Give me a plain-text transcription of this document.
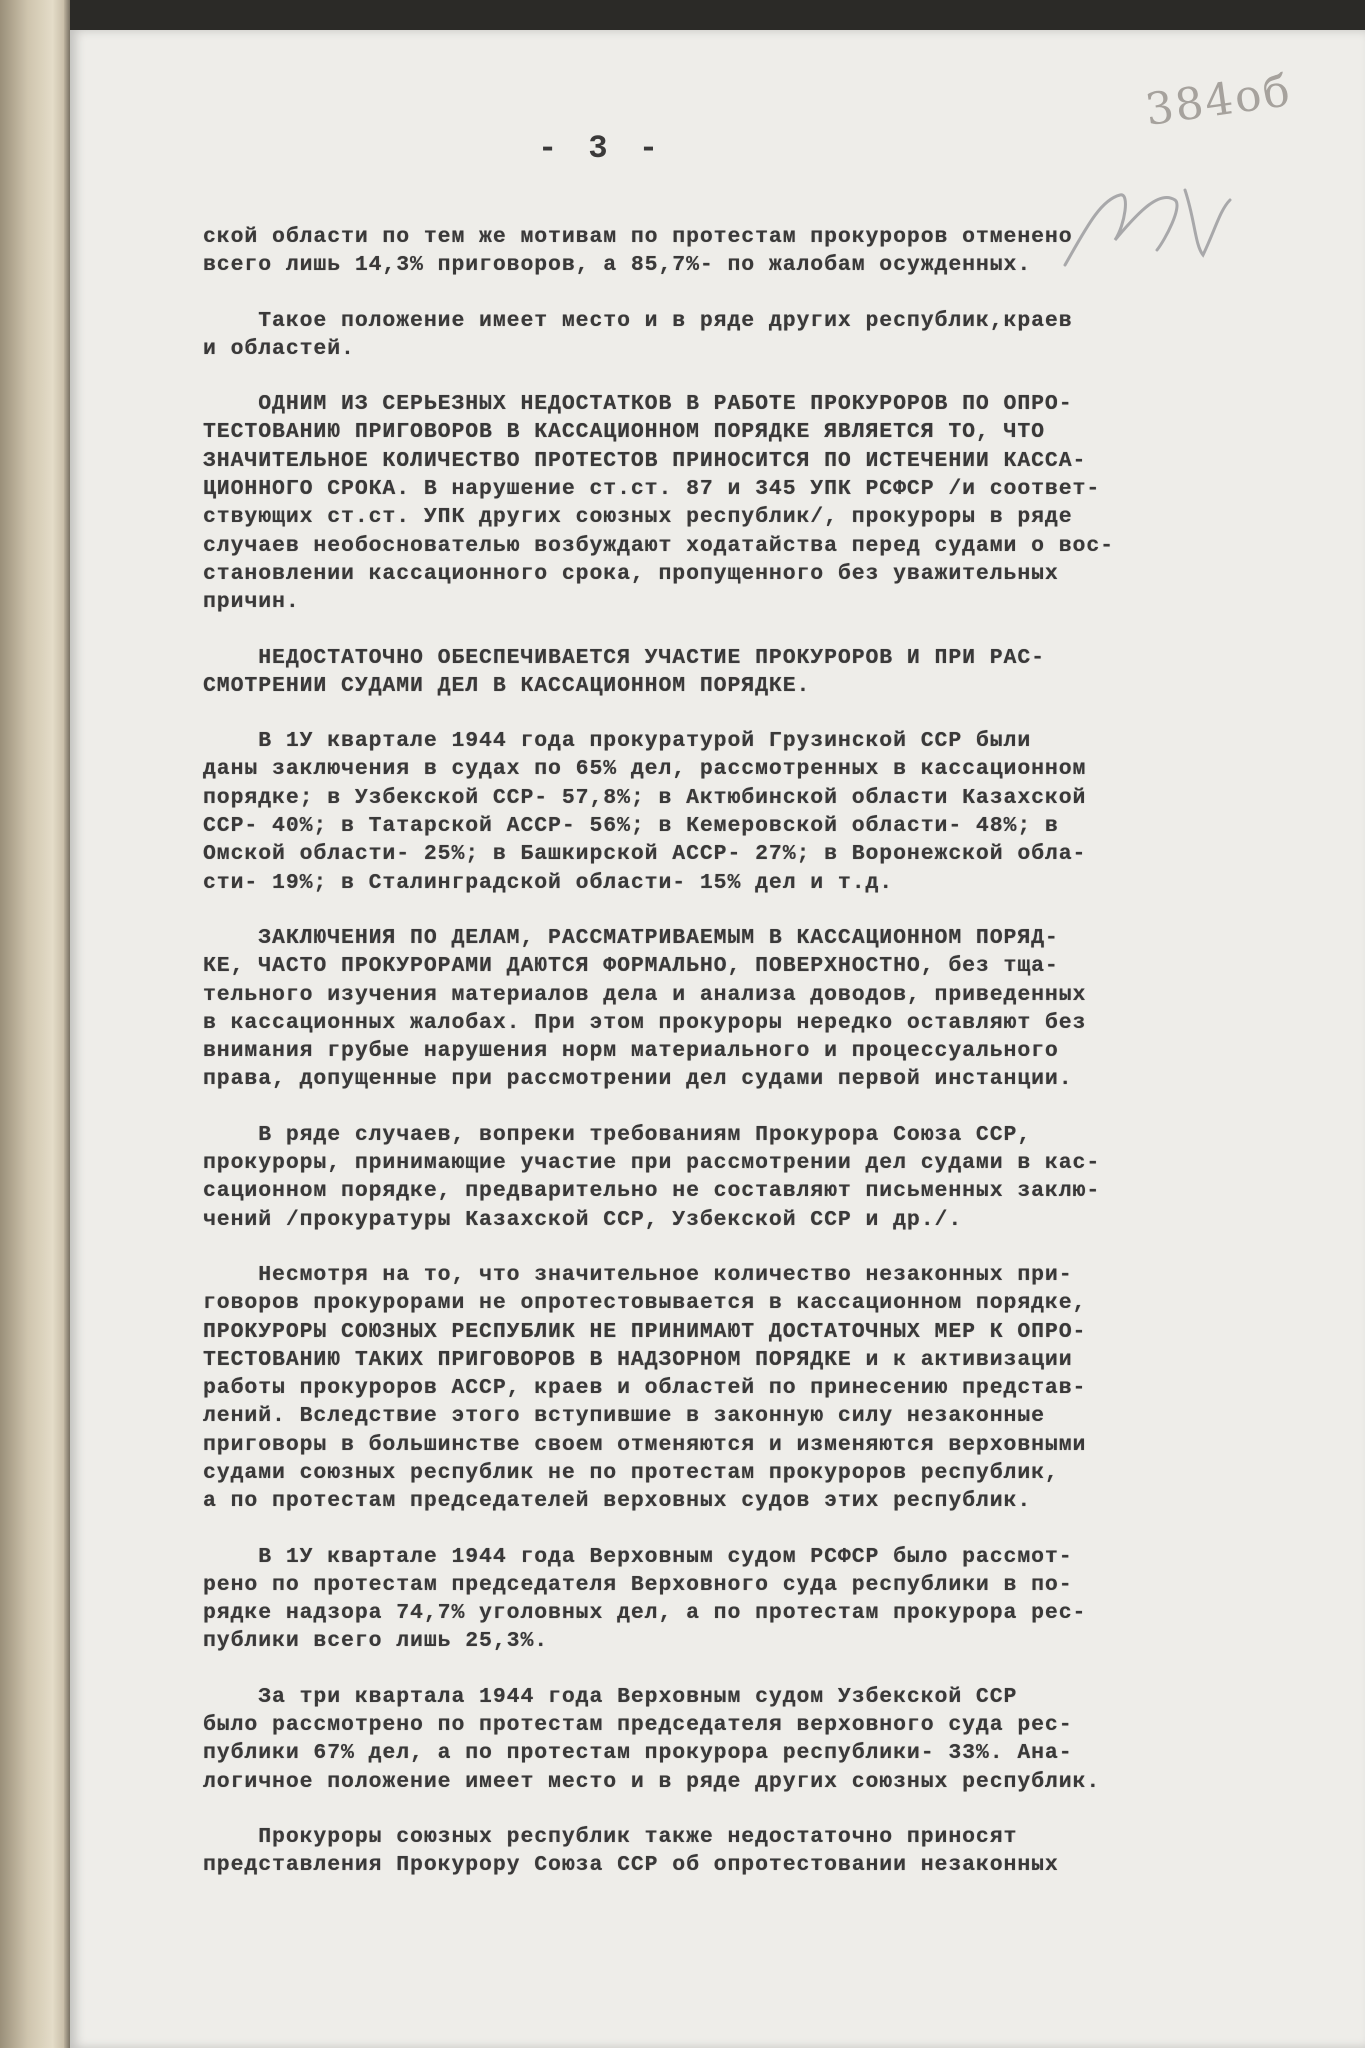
384об
- 3 -
ской области по тем же мотивам по протестам прокуроров отменено
всего лишь 14,3% приговоров, а 85,7%- по жалобам осужденных.
Такое положение имеет место и в ряде других республик,краев
и областей.
ОДНИМ ИЗ СЕРЬЕЗНЫХ НЕДОСТАТКОВ В РАБОТЕ ПРОКУРОРОВ ПО ОПРО-
ТЕСТОВАНИЮ ПРИГОВОРОВ В КАССАЦИОННОМ ПОРЯДКЕ ЯВЛЯЕТСЯ ТО, ЧТО
ЗНАЧИТЕЛЬНОЕ КОЛИЧЕСТВО ПРОТЕСТОВ ПРИНОСИТСЯ ПО ИСТЕЧЕНИИ КАССА-
ЦИОННОГО СРОКА. В нарушение ст.ст. 87 и 345 УПК РСФСР /и соответ-
ствующих ст.ст. УПК других союзных республик/, прокуроры в ряде
случаев необоснователью возбуждают ходатайства перед судами о вос-
становлении кассационного срока, пропущенного без уважительных
причин.
НЕДОСТАТОЧНО ОБЕСПЕЧИВАЕТСЯ УЧАСТИЕ ПРОКУРОРОВ И ПРИ РАС-
СМОТРЕНИИ СУДАМИ ДЕЛ В КАССАЦИОННОМ ПОРЯДКЕ.
В 1У квартале 1944 года прокуратурой Грузинской ССР были
даны заключения в судах по 65% дел, рассмотренных в кассационном
порядке; в Узбекской ССР- 57,8%; в Актюбинской области Казахской
ССР- 40%; в Татарской АССР- 56%; в Кемеровской области- 48%; в
Омской области- 25%; в Башкирской АССР- 27%; в Воронежской обла-
сти- 19%; в Сталинградской области- 15% дел и т.д.
ЗАКЛЮЧЕНИЯ ПО ДЕЛАМ, РАССМАТРИВАЕМЫМ В КАССАЦИОННОМ ПОРЯД-
КЕ, ЧАСТО ПРОКУРОРАМИ ДАЮТСЯ ФОРМАЛЬНО, ПОВЕРХНОСТНО, без тща-
тельного изучения материалов дела и анализа доводов, приведенных
в кассационных жалобах. При этом прокуроры нередко оставляют без
внимания грубые нарушения норм материального и процессуального
права, допущенные при рассмотрении дел судами первой инстанции.
В ряде случаев, вопреки требованиям Прокурора Союза ССР,
прокуроры, принимающие участие при рассмотрении дел судами в кас-
сационном порядке, предварительно не составляют письменных заклю-
чений /прокуратуры Казахской ССР, Узбекской ССР и др./.
Несмотря на то, что значительное количество незаконных при-
говоров прокурорами не опротестовывается в кассационном порядке,
ПРОКУРОРЫ СОЮЗНЫХ РЕСПУБЛИК НЕ ПРИНИМАЮТ ДОСТАТОЧНЫХ МЕР К ОПРО-
ТЕСТОВАНИЮ ТАКИХ ПРИГОВОРОВ В НАДЗОРНОМ ПОРЯДКЕ и к активизации
работы прокуроров АССР, краев и областей по принесению представ-
лений. Вследствие этого вступившие в законную силу незаконные
приговоры в большинстве своем отменяются и изменяются верховными
судами союзных республик не по протестам прокуроров республик,
а по протестам председателей верховных судов этих республик.
В 1У квартале 1944 года Верховным судом РСФСР было рассмот-
рено по протестам председателя Верховного суда республики в по-
рядке надзора 74,7% уголовных дел, а по протестам прокурора рес-
публики всего лишь 25,3%.
За три квартала 1944 года Верховным судом Узбекской ССР
было рассмотрено по протестам председателя верховного суда рес-
публики 67% дел, а по протестам прокурора республики- 33%. Ана-
логичное положение имеет место и в ряде других союзных республик.
Прокуроры союзных республик также недостаточно приносят
представления Прокурору Союза ССР об опротестовании незаконных
